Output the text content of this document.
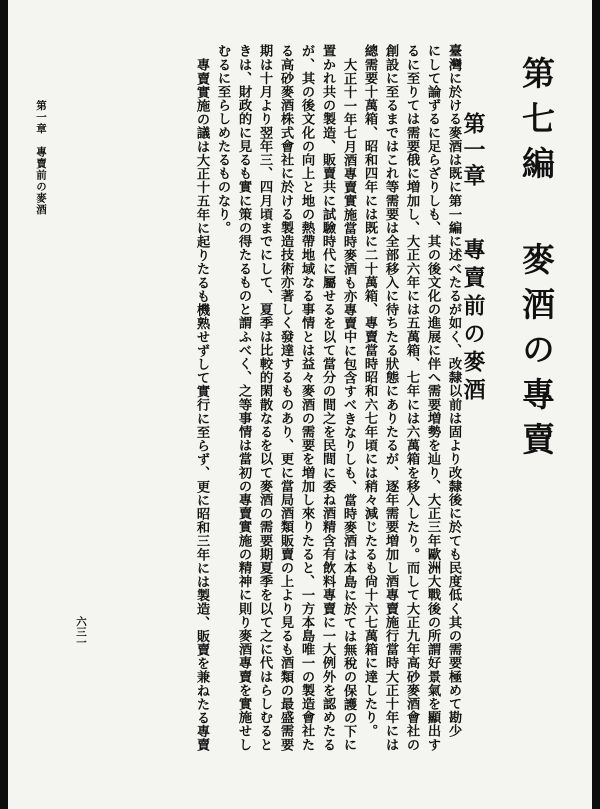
第七編 麥酒の專賣
第一章
專賣前の麥酒
臺灣に於ける麥酒は既に第一編に述べたるが如く、改隸以前は固より改隸後に於ても民度低く其の需要極めて勘少
にして論ずるに足らざりしも、其の後文化の進展に伴へ需要増勢を辿り、大正三年歐洲大戰後の所謂好景氣を顯出す
るに至りては需要俄に増加し、大正六年には五萬箱、七年には六萬箱を移入したり。而して大正九年高砂麥酒會社の
創設に至るまではこれ等需要は全部移入に待ちたる狀態にありたるが、逐年需要増加し酒專賣施行當時大正十年には
總需要十萬箱、昭和四年には既に二十萬箱、專賣當時昭和六七年頃には稍々減じたるも尙十六七萬箱に達したり。
大正十一年七月酒專賣實施當時麥酒も亦專賣中に包含すべきなりしも、當時麥酒は本島に於ては無稅の保護の下に
置かれ共の製造、販賣共に試驗時代に屬せるを以て當分の間之を民間に委ね酒精含有飲料專賣に一大例外を認めたる
が、其の後文化の向上と地の熱帶地域なる事情とは益々麥酒の需要を増加し來りたると、一方本島唯一の製造會社た
る高砂麥酒株式會社に於ける製造技術亦著しく發達するものあり、更に當局酒類販賣の上より見るも酒類の最盛需要
期は十月より翌年三、四月頃までにして、夏季は比較的閑散なるを以て麥酒の需要期夏季を以て之に代はらしむると
きは、財政的に見るも實に策の得たるものと謂ふべく、之等事情は當初の專賣實施の精神に則り麥酒專賣を實施せし
むるに至らしめたるものなり。
專賣實施の議は大正十五年に起りたるも機熟せずして實行に至らず、更に昭和三年には製造、販賣を兼ねたる專賣
第一章專賣前の麥酒
六三一
